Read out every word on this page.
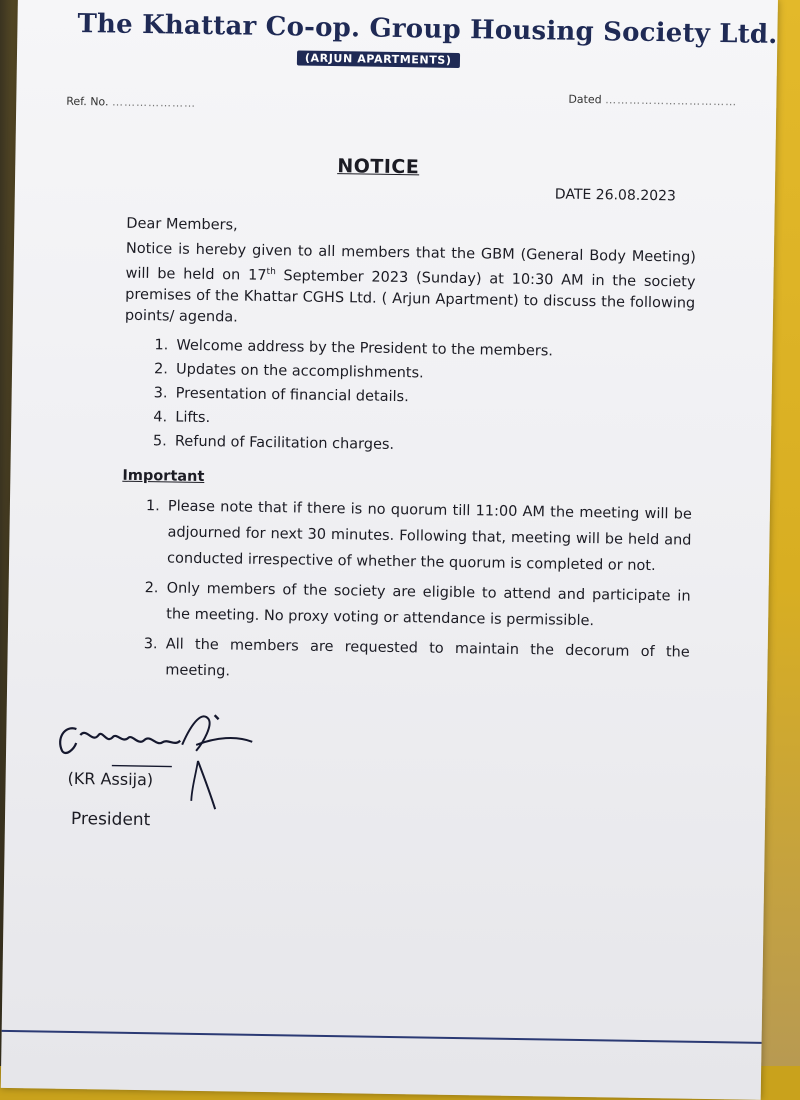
The Khattar Co-op. Group Housing Society Ltd.
(ARJUN APARTMENTS)
Ref. No. …………………	Dated ……………………………

NOTICE
DATE 26.08.2023
Dear Members,
Notice is hereby given to all members that the GBM (General Body Meeting) will be held on 17th September 2023 (Sunday) at 10:30 AM in the society premises of the Khattar CGHS Ltd. ( Arjun Apartment) to discuss the following points/ agenda.
1. Welcome address by the President to the members.
2. Updates on the accomplishments.
3. Presentation of financial details.
4. Lifts.
5. Refund of Facilitation charges.
Important
1. Please note that if there is no quorum till 11:00 AM the meeting will be adjourned for next 30 minutes. Following that, meeting will be held and conducted irrespective of whether the quorum is completed or not.
2. Only members of the society are eligible to attend and participate in the meeting. No proxy voting or attendance is permissible.
3. All the members are requested to maintain the decorum of the meeting.
(KR Assija)
President
